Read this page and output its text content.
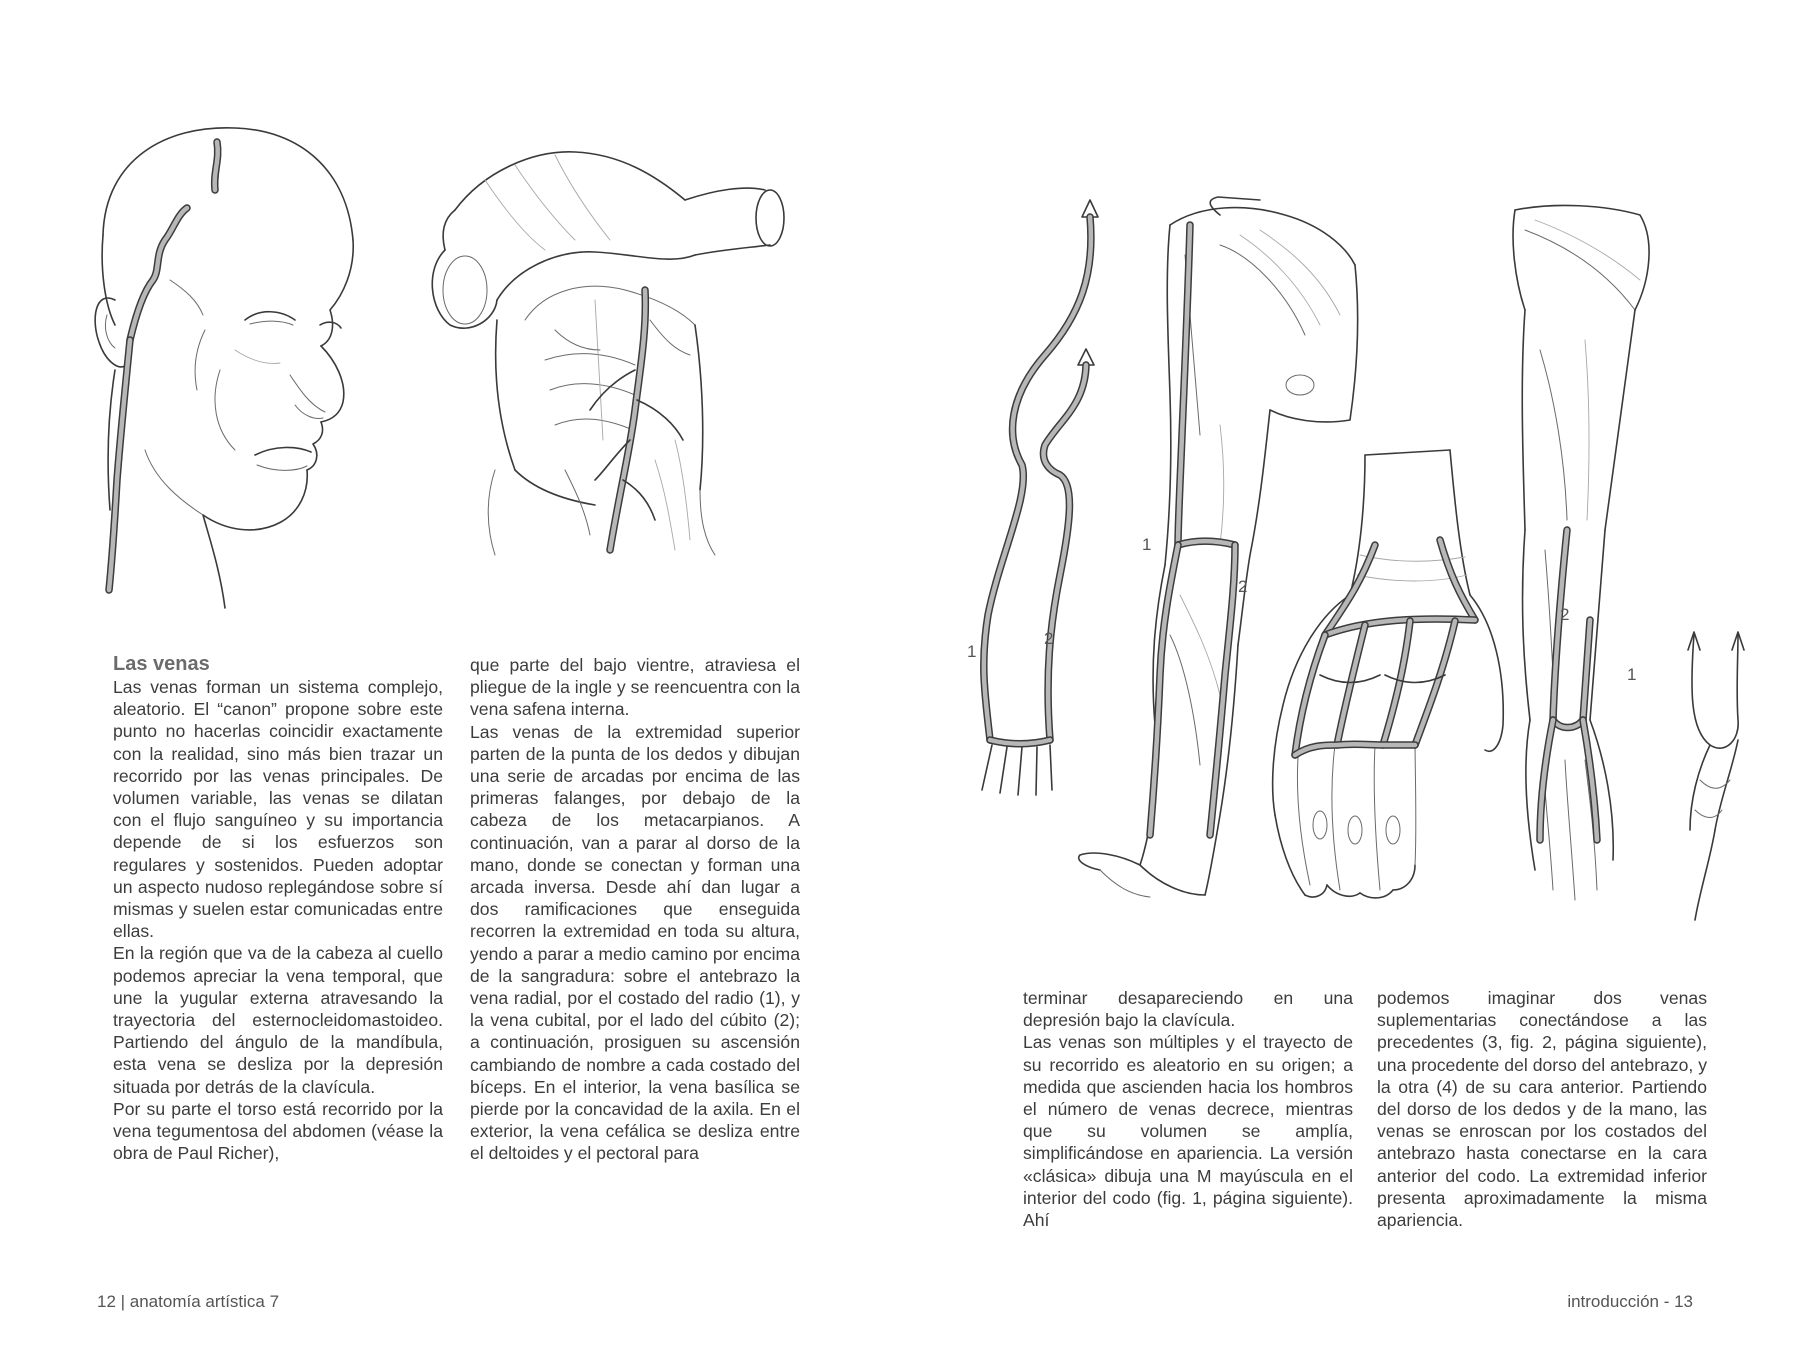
1
2
1
2
2
1

Las venas

Las venas forman un sistema complejo, aleatorio. El “canon” propone sobre este punto no hacerlas coincidir exactamente con la realidad, sino más bien trazar un recorrido por las venas principales. De volumen variable, las venas se dilatan con el flujo sanguíneo y su importancia depende de si los esfuerzos son regulares y sostenidos. Pueden adoptar un aspecto nudoso replegándose sobre sí mismas y suelen estar comunicadas entre ellas.

En la región que va de la cabeza al cuello podemos apreciar la vena temporal, que une la yugular externa atravesando la trayectoria del esternocleidomastoideo. Partiendo del ángulo de la mandíbula, esta vena se desliza por la depresión situada por detrás de la clavícula.

Por su parte el torso está recorrido por la vena tegumentosa del abdomen (véase la obra de Paul Richer),

que parte del bajo vientre, atraviesa el pliegue de la ingle y se reencuentra con la vena safena interna.

Las venas de la extremidad superior parten de la punta de los dedos y dibujan una serie de arcadas por encima de las primeras falanges, por debajo de la cabeza de los metacarpianos. A continuación, van a parar al dorso de la mano, donde se conectan y forman una arcada inversa. Desde ahí dan lugar a dos ramificaciones que enseguida recorren la extremidad en toda su altura, yendo a parar a medio camino por encima de la sangradura: sobre el antebrazo la vena radial, por el costado del radio (1), y la vena cubital, por el lado del cúbito (2); a continuación, prosiguen su ascensión cambiando de nombre a cada costado del bíceps. En el interior, la vena basílica se pierde por la concavidad de la axila. En el exterior, la vena cefálica se desliza entre el deltoides y el pectoral para

terminar desapareciendo en una depresión bajo la clavícula.

Las venas son múltiples y el trayecto de su recorrido es aleatorio en su origen; a medida que ascienden hacia los hombros el número de venas decrece, mientras que su volumen se amplía, simplificándose en apariencia. La versión «clásica» dibuja una M mayúscula en el interior del codo (fig. 1, página siguiente). Ahí

podemos imaginar dos venas suplementarias conectándose a las precedentes (3, fig. 2, página siguiente), una procedente del dorso del antebrazo, y la otra (4) de su cara anterior. Partiendo del dorso de los dedos y de la mano, las venas se enroscan por los costados del antebrazo hasta conectarse en la cara anterior del codo. La extremidad inferior presenta aproximadamente la misma apariencia.

12 | anatomía artística 7	introducción - 13
